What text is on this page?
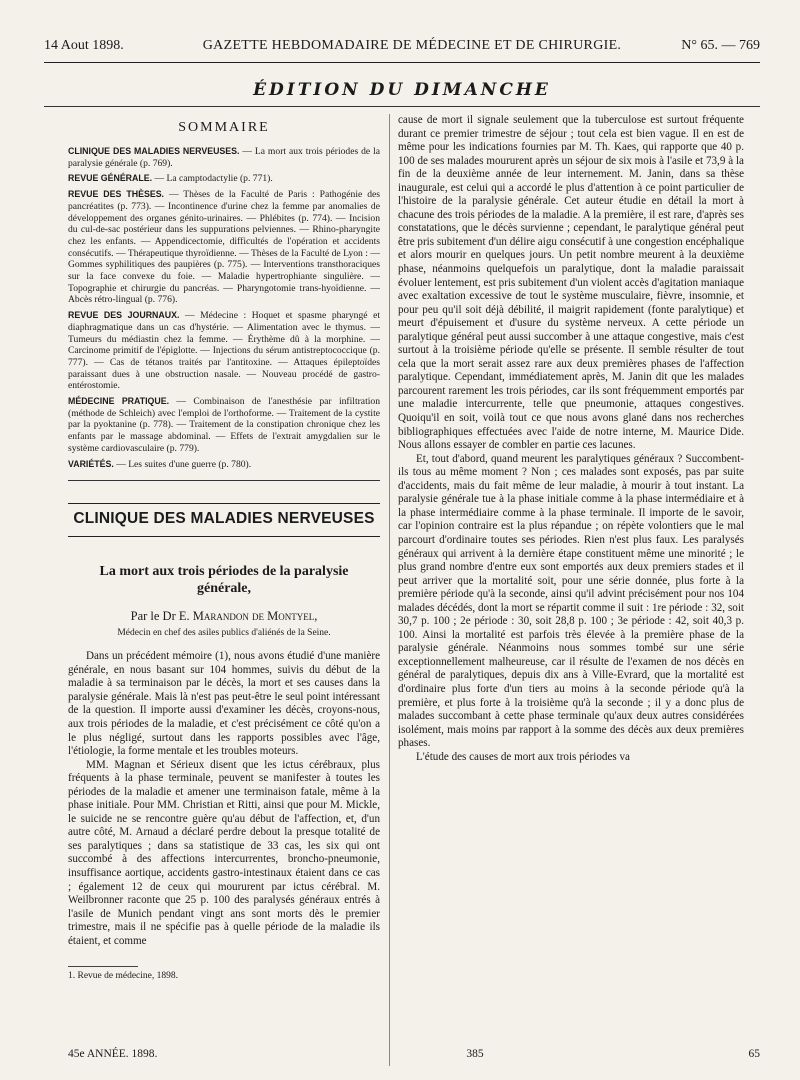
14 Aout 1898.	GAZETTE HEBDOMADAIRE DE MÉDECINE ET DE CHIRURGIE.	N° 65. — 769
ÉDITION DU DIMANCHE
SOMMAIRE

CLINIQUE DES MALADIES NERVEUSES. — La mort aux trois périodes de la paralysie générale (p. 769).

REVUE GÉNÉRALE. — La camptodactylie (p. 771).

REVUE DES THÈSES. — Thèses de la Faculté de Paris : Pathogénie des pancréatites (p. 773). — Incontinence d'urine chez la femme par anomalies de développement des organes génito-urinaires. — Phlébites (p. 774). — Incision du cul-de-sac postérieur dans les suppurations pelviennes. — Rhino-pharyngite chez les enfants. — Appendicectomie, difficultés de l'opération et accidents consécutifs. — Thérapeutique thyroïdienne. — Thèses de la Faculté de Lyon : — Gommes syphilitiques des paupières (p. 775). — Interventions transthoraciques sur la face convexe du foie. — Maladie hypertrophiante singulière. — Topographie et chirurgie du pancréas. — Pharyngotomie trans-hyoïdienne. — Abcès rétro-lingual (p. 776).

REVUE DES JOURNAUX. — Médecine : Hoquet et spasme pharyngé et diaphragmatique dans un cas d'hystérie. — Alimentation avec le thymus. — Tumeurs du médiastin chez la femme. — Érythème dû à la morphine. — Carcinome primitif de l'épiglotte. — Injections du sérum antistreptococcique (p. 777). — Cas de tétanos traités par l'antitoxine. — Attaques épileptoïdes paraissant dues à une obstruction nasale. — Nouveau procédé de gastro-entérostomie.

MÉDECINE PRATIQUE. — Combinaison de l'anesthésie par infiltration (méthode de Schleich) avec l'emploi de l'orthoforme. — Traitement de la cystite par la pyoktanine (p. 778). — Traitement de la constipation chronique chez les enfants par le massage abdominal. — Effets de l'extrait amygdalien sur le système cardiovasculaire (p. 779).

VARIÉTÉS. — Les suites d'une guerre (p. 780).

CLINIQUE DES MALADIES NERVEUSES
La mort aux trois périodes de la paralysie générale,
Par le Dr E. Marandon de Montyel,
Médecin en chef des asiles publics d'aliénés de la Seine.

Dans un précédent mémoire (1), nous avons étudié d'une manière générale, en nous basant sur 104 hommes, suivis du début de la maladie à sa terminaison par le décès, la mort et ses causes dans la paralysie générale. Mais là n'est pas peut-être le seul point intéressant de la question. Il importe aussi d'examiner les décès, croyons-nous, aux trois périodes de la maladie, et c'est précisément ce côté qu'on a le plus négligé, surtout dans les rapports possibles avec l'âge, l'étiologie, la forme mentale et les troubles moteurs.

MM. Magnan et Sérieux disent que les ictus cérébraux, plus fréquents à la phase terminale, peuvent se manifester à toutes les périodes de la maladie et amener une terminaison fatale, même à la phase initiale. Pour MM. Christian et Ritti, ainsi que pour M. Mickle, le suicide ne se rencontre guère qu'au début de l'affection, et, d'un autre côté, M. Arnaud a déclaré perdre debout la presque totalité de ses paralytiques ; dans sa statistique de 33 cas, les six qui ont succombé à des affections intercurrentes, broncho-pneumonie, insuffisance aortique, accidents gastro-intestinaux étaient dans ce cas ; également 12 de ceux qui moururent par ictus cérébral. M. Weilbronner raconte que 25 p. 100 des paralysés généraux entrés à l'asile de Munich pendant vingt ans sont morts dès le premier trimestre, mais il ne spécifie pas à quelle période de la maladie ils étaient, et comme

1. Revue de médecine, 1898.

cause de mort il signale seulement que la tuberculose est surtout fréquente durant ce premier trimestre de séjour ; tout cela est bien vague. Il en est de même pour les indications fournies par M. Th. Kaes, qui rapporte que 40 p. 100 de ses malades moururent après un séjour de six mois à l'asile et 73,9 à la fin de la deuxième année de leur internement. M. Janin, dans sa thèse inaugurale, est celui qui a accordé le plus d'attention à ce point particulier de l'histoire de la paralysie générale. Cet auteur étudie en détail la mort à chacune des trois périodes de la maladie. A la première, il est rare, d'après ses constatations, que le décès survienne ; cependant, le paralytique général peut être pris subitement d'un délire aigu consécutif à une congestion encéphalique et alors mourir en quelques jours. Un petit nombre meurent à la deuxième phase, néanmoins quelquefois un paralytique, dont la maladie paraissait évoluer lentement, est pris subitement d'un violent accès d'agitation maniaque avec exaltation excessive de tout le système musculaire, fièvre, insomnie, et pour peu qu'il soit déjà débilité, il maigrit rapidement (fonte paralytique) et meurt d'épuisement et d'usure du système nerveux. A cette période un paralytique général peut aussi succomber à une attaque congestive, mais c'est surtout à la troisième période qu'elle se présente. Il semble résulter de tout cela que la mort serait assez rare aux deux premières phases de l'affection paralytique. Cependant, immédiatement après, M. Janin dit que les malades parcourent rarement les trois périodes, car ils sont fréquemment emportés par une maladie intercurrente, telle que pneumonie, attaques congestives. Quoiqu'il en soit, voilà tout ce que nous avons glané dans nos recherches bibliographiques effectuées avec l'aide de notre interne, M. Maurice Dide. Nous allons essayer de combler en partie ces lacunes.

Et, tout d'abord, quand meurent les paralytiques généraux ? Succombent-ils tous au même moment ? Non ; ces malades sont exposés, pas par suite d'accidents, mais du fait même de leur maladie, à mourir à tout instant. La paralysie générale tue à la phase initiale comme à la phase intermédiaire et à la phase intermédiaire comme à la phase terminale. Il importe de le savoir, car l'opinion contraire est la plus répandue ; on répète volontiers que le mal parcourt d'ordinaire toutes ses périodes. Rien n'est plus faux. Les paralysés généraux qui arrivent à la dernière étape constituent même une minorité ; le plus grand nombre d'entre eux sont emportés aux deux premiers stades et il peut arriver que la mortalité soit, pour une série donnée, plus forte à la première période qu'à la seconde, ainsi qu'il advint précisément pour nos 104 malades décédés, dont la mort se répartit comme il suit : 1re période : 32, soit 30,7 p. 100 ; 2e période : 30, soit 28,8 p. 100 ; 3e période : 42, soit 40,3 p. 100. Ainsi la mortalité est parfois très élevée à la première phase de la paralysie générale. Néanmoins nous sommes tombé sur une série exceptionnellement malheureuse, car il résulte de l'examen de nos décès en général de paralytiques, depuis dix ans à Ville-Evrard, que la mortalité est d'ordinaire plus forte d'un tiers au moins à la seconde période qu'à la première, et plus forte à la troisième qu'à la seconde ; il y a donc plus de malades succombant à cette phase terminale qu'aux deux autres considérées isolément, mais moins par rapport à la somme des décès aux deux premières phases.

L'étude des causes de mort aux trois périodes va

45e ANNÉE. 1898.	385	65
